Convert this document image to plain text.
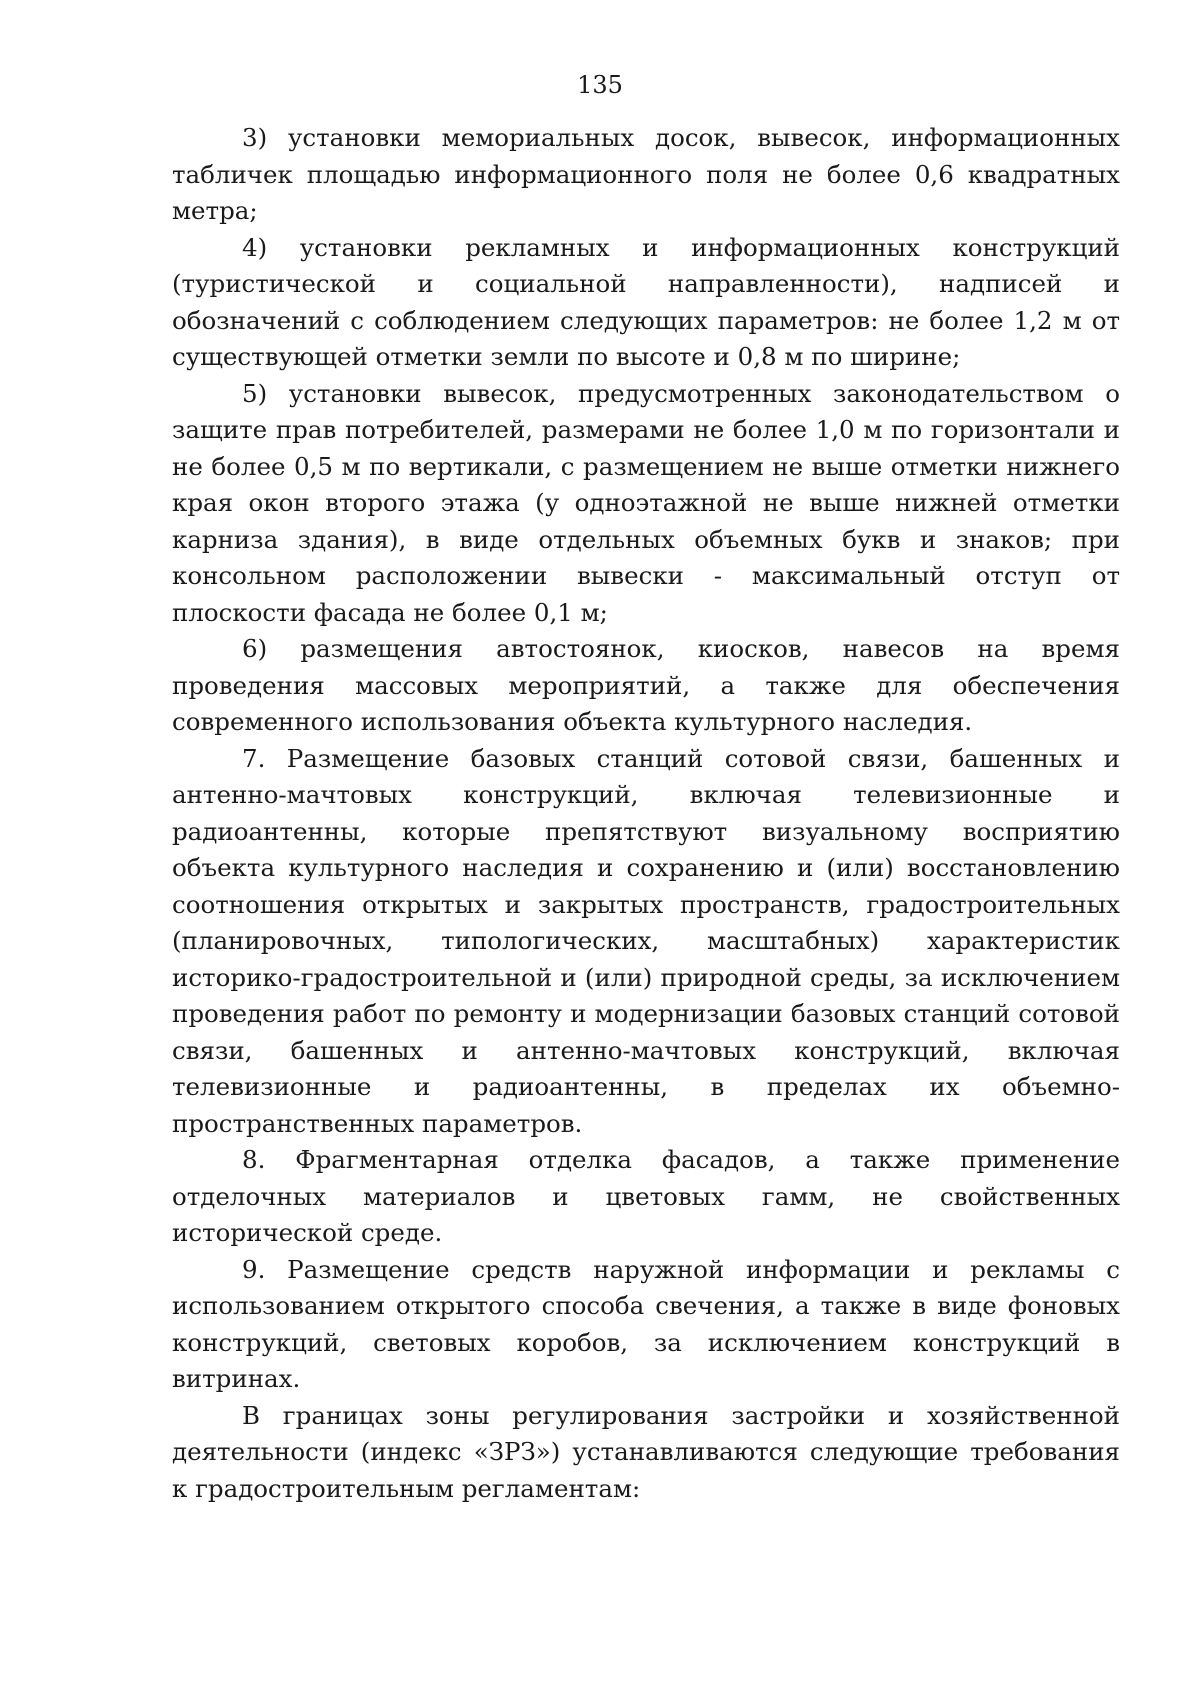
135

3) установки мемориальных досок, вывесок, информационных табличек площадью информационного поля не более 0,6 квадратных метра;

4) установки рекламных и информационных конструкций (туристической и социальной направленности), надписей и обозначений с соблюдением следующих параметров: не более 1,2 м от существующей отметки земли по высоте и 0,8 м по ширине;

5) установки вывесок, предусмотренных законодательством о защите прав потребителей, размерами не более 1,0 м по горизонтали и не более 0,5 м по вертикали, с размещением не выше отметки нижнего края окон второго этажа (у одноэтажной не выше нижней отметки карниза здания), в виде отдельных объемных букв и знаков; при консольном расположении вывески - максимальный отступ от плоскости фасада не более 0,1 м;

6) размещения автостоянок, киосков, навесов на время проведения массовых мероприятий, а также для обеспечения современного использования объекта культурного наследия.

7. Размещение базовых станций сотовой связи, башенных и антенно-мачтовых конструкций, включая телевизионные и радиоантенны, которые препятствуют визуальному восприятию объекта культурного наследия и сохранению и (или) восстановлению соотношения открытых и закрытых пространств, градостроительных (планировочных, типологических, масштабных) характеристик историко-градостроительной и (или) природной среды, за исключением проведения работ по ремонту и модернизации базовых станций сотовой связи, башенных и антенно-мачтовых конструкций, включая телевизионные и радиоантенны, в пределах их объемно-пространственных параметров.

8. Фрагментарная отделка фасадов, а также применение отделочных материалов и цветовых гамм, не свойственных исторической среде.

9. Размещение средств наружной информации и рекламы с использованием открытого способа свечения, а также в виде фоновых конструкций, световых коробов, за исключением конструкций в витринах.

В границах зоны регулирования застройки и хозяйственной деятельности (индекс «ЗРЗ») устанавливаются следующие требования к градостроительным регламентам:
